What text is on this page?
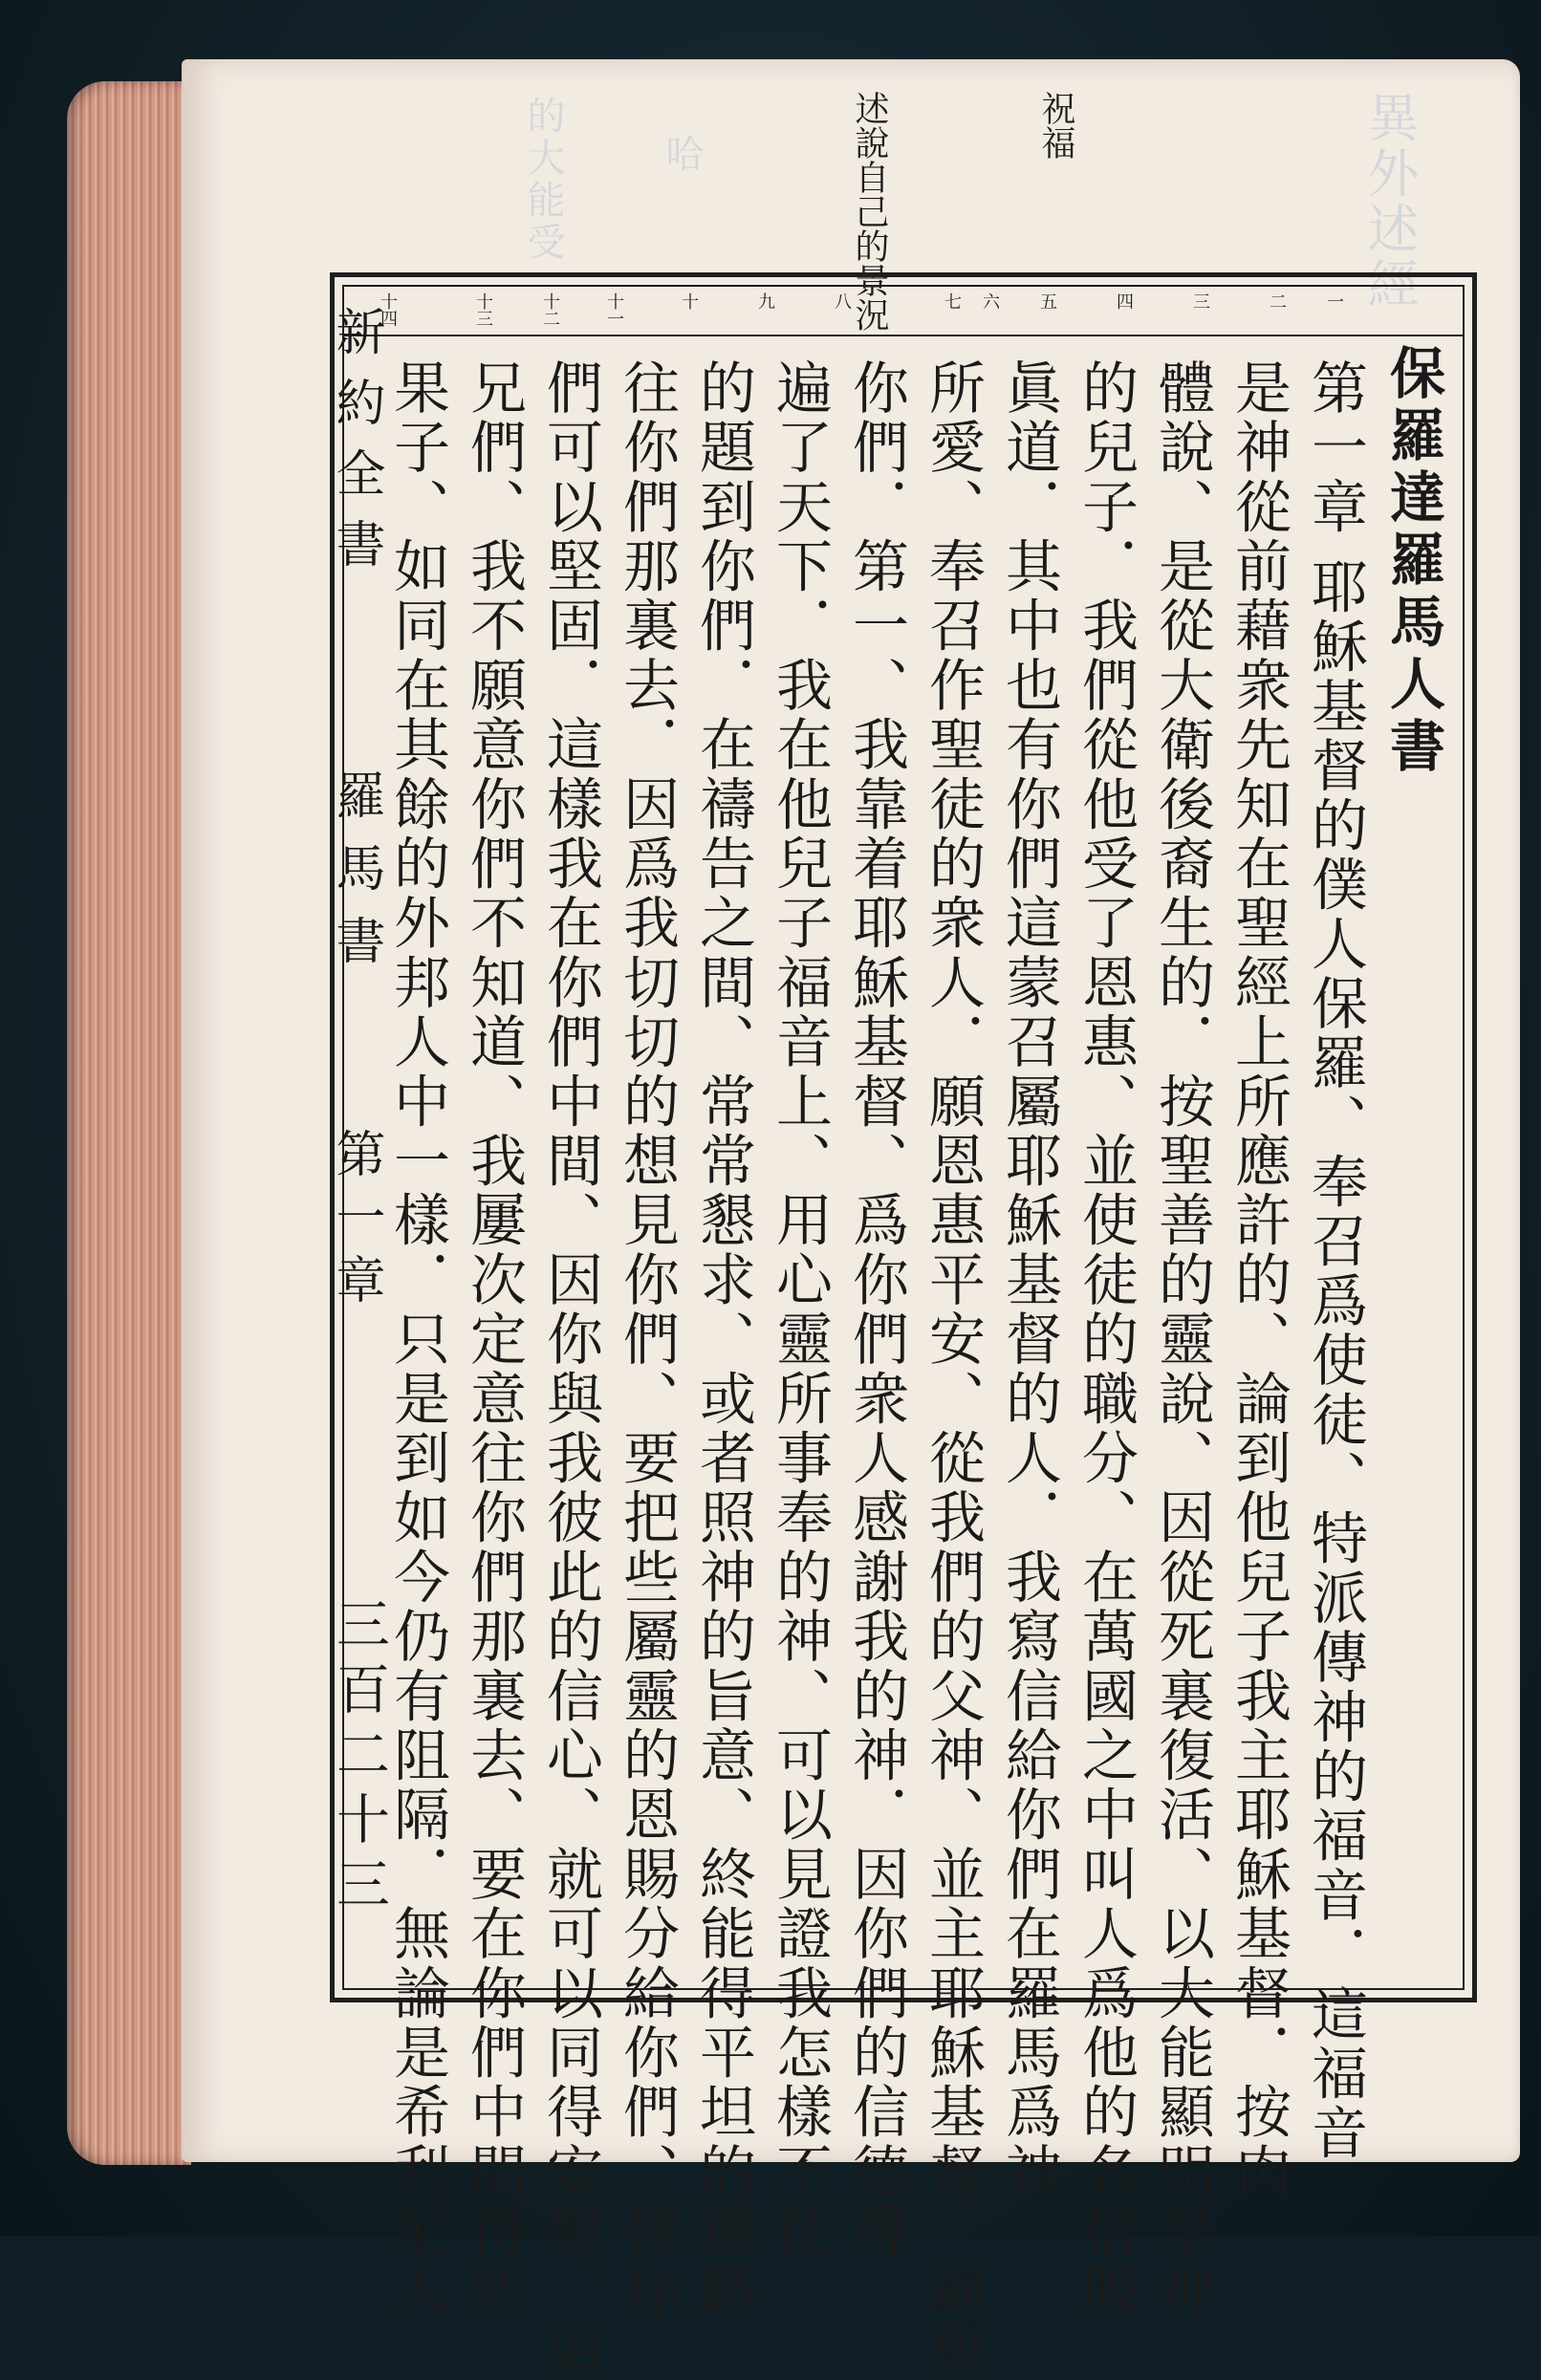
異外述經
的大能受 哈	祝福
述說自己的景況
十四
十三
十二
十一
十	九	八	七	六	五	四	三	二	一
保羅達羅馬人書
第一章 耶穌基督的僕人保羅、奉召爲使徒、特派傳神的福音．這福音
是神從前藉衆先知在聖經上所應許的、論到他兒子我主耶穌基督．按肉
體說、是從大衛後裔生的．按聖善的靈說、因從死裏復活、以大能顯明是神
的兒子．我們從他受了恩惠、並使徒的職分、在萬國之中叫人爲他的名信服
眞道．其中也有你們這蒙召屬耶穌基督的人．我寫信給你們在羅馬爲神
所愛、奉召作聖徒的衆人．願恩惠平安、從我們的父神、並主耶穌基督、歸與
你們．第一、我靠着耶穌基督、爲你們衆人感謝我的神．因你們的信德傳
遍了天下．我在他兒子福音上、用心靈所事奉的神、可以見證我怎樣不住
的題到你們．在禱告之間、常常懇求、或者照神的旨意、終能得平坦的道路
往你們那裏去．因爲我切切的想見你們、要把些屬靈的恩賜分給你們、使你
們可以堅固．這樣我在你們中間、因你與我彼此的信心、就可以同得安慰．弟
兄們、我不願意你們不知道、我屢次定意往你們那裏去、要在你們中間得些
果子、如同在其餘的外邦人中一樣．只是到如今仍有阻隔．無論是希利尼人
新約全書
羅馬書
第一章
三百二十三
